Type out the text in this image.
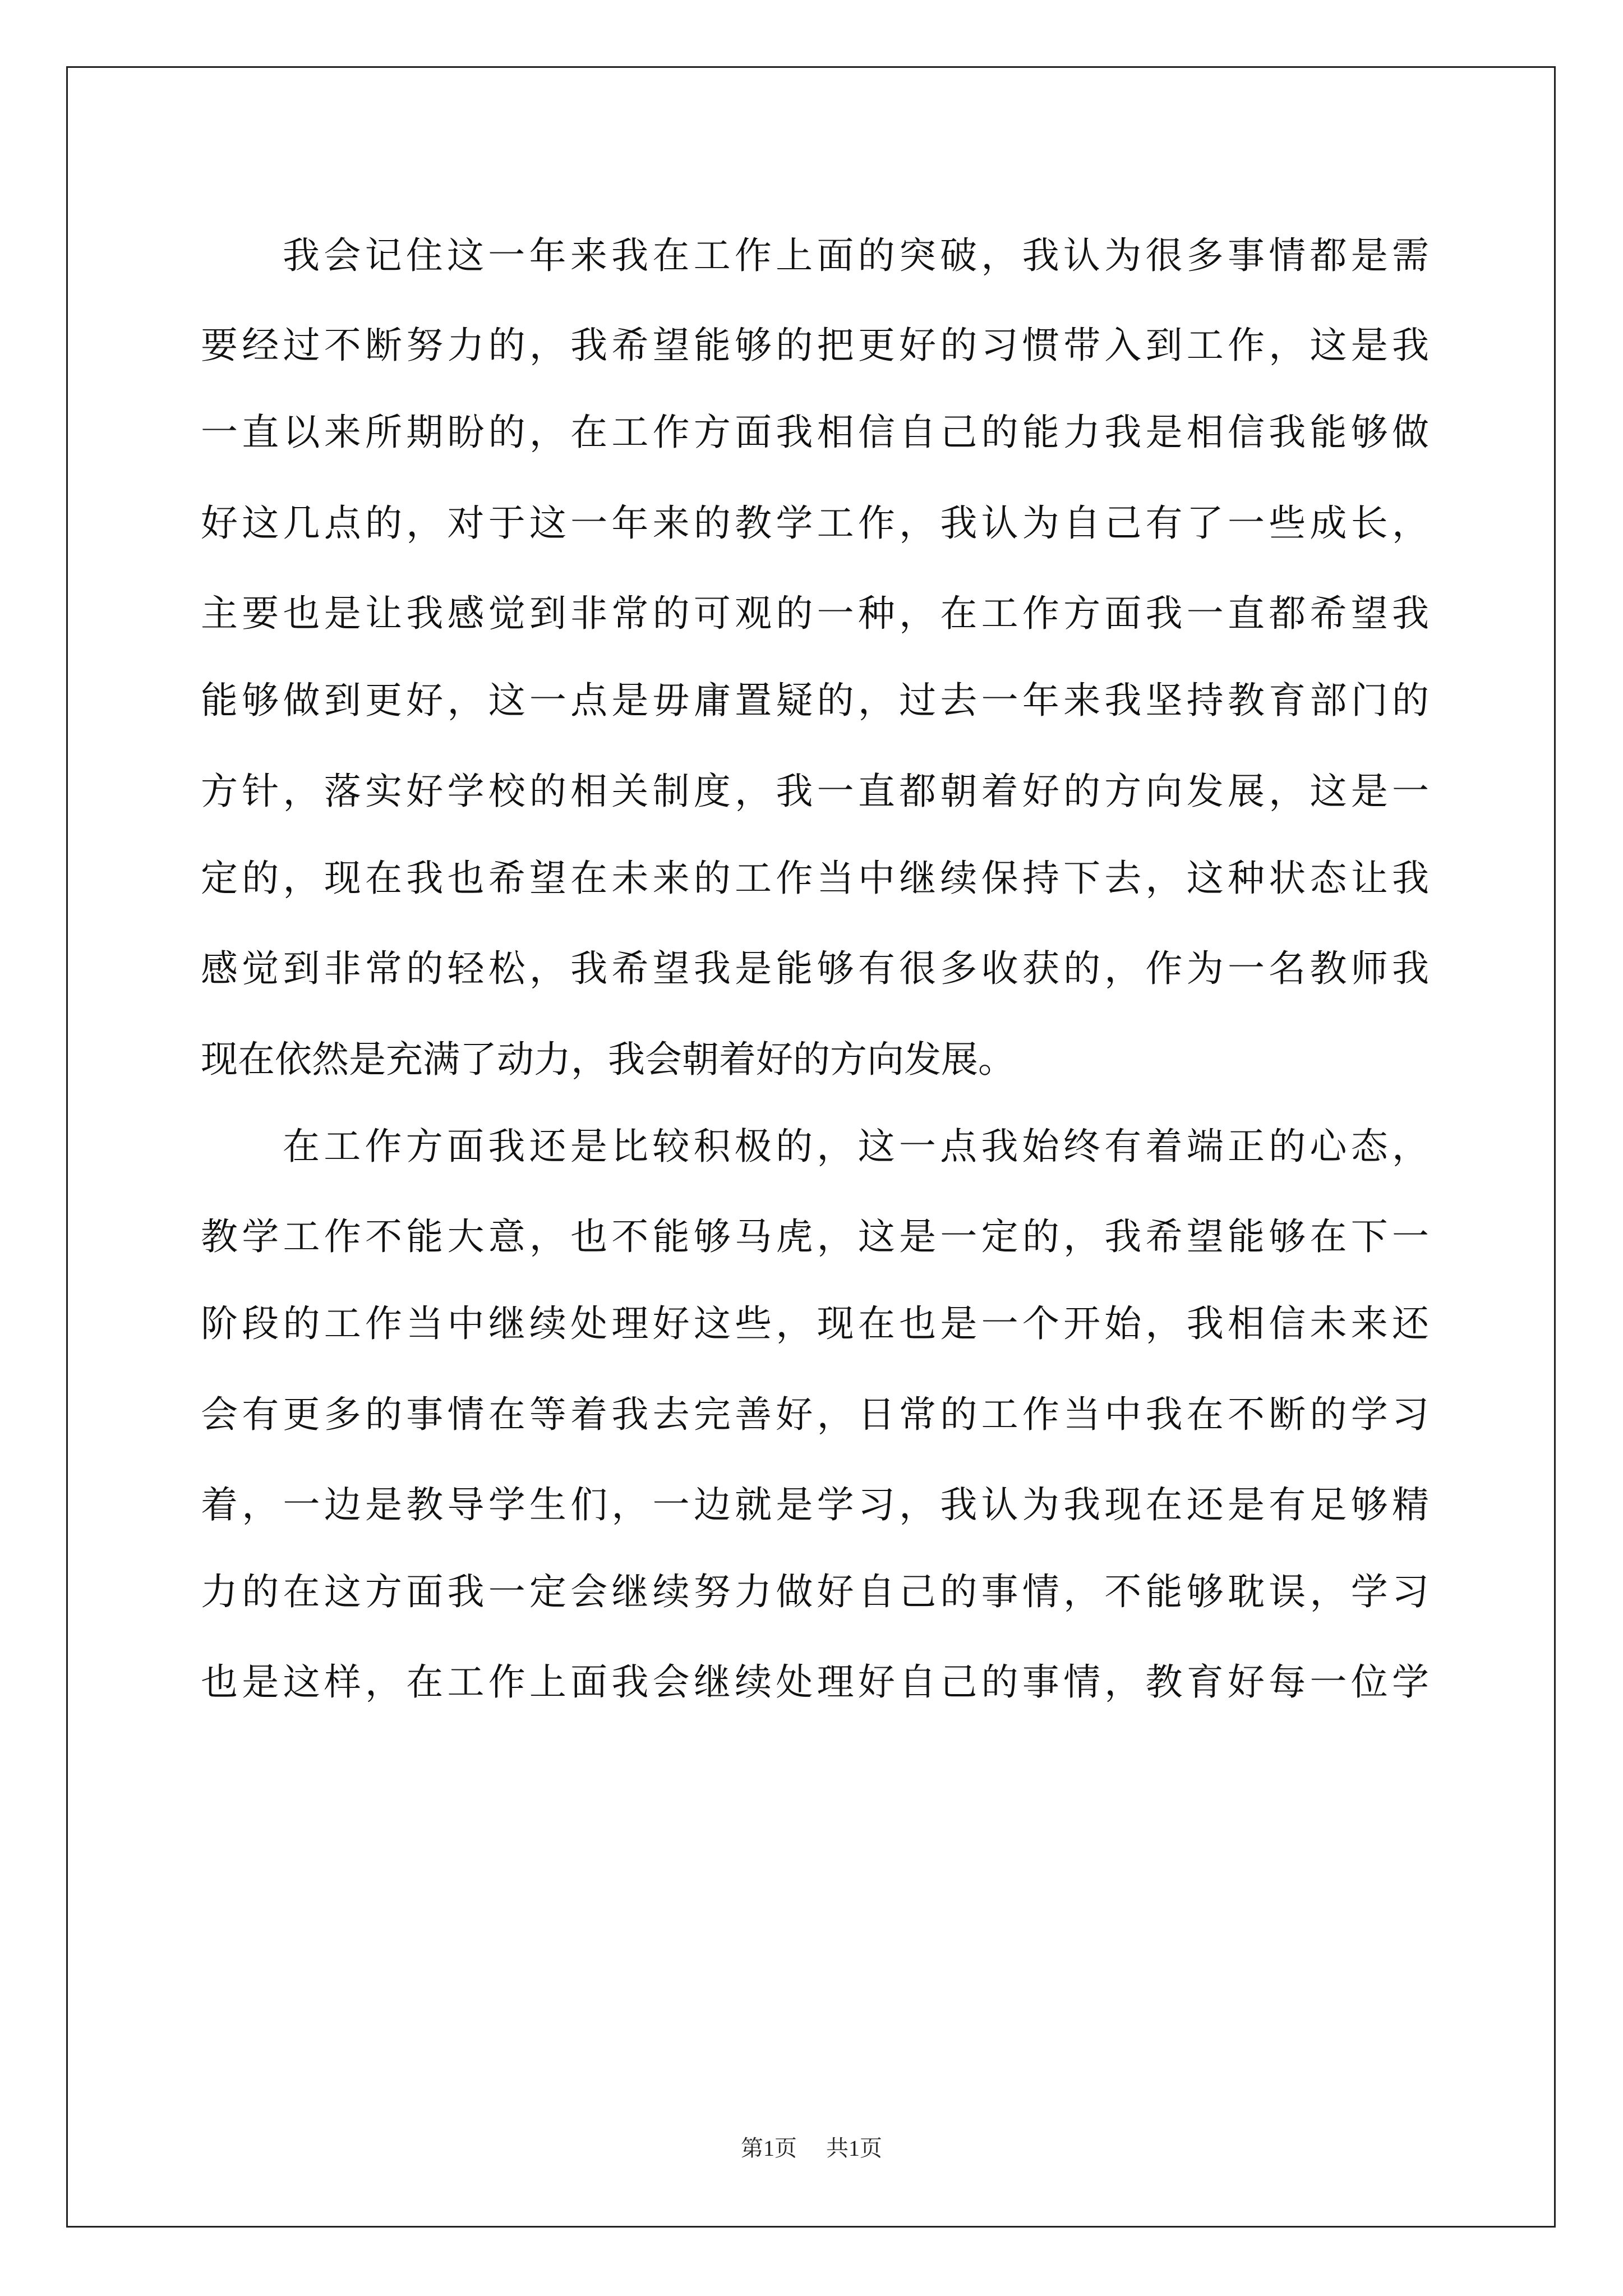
我会记住这一年来我在工作上面的突破，我认为很多事情都是需
要经过不断努力的，我希望能够的把更好的习惯带入到工作，这是我
一直以来所期盼的，在工作方面我相信自己的能力我是相信我能够做
好这几点的，对于这一年来的教学工作，我认为自己有了一些成长，
主要也是让我感觉到非常的可观的一种，在工作方面我一直都希望我
能够做到更好，这一点是毋庸置疑的，过去一年来我坚持教育部门的
方针，落实好学校的相关制度，我一直都朝着好的方向发展，这是一
定的，现在我也希望在未来的工作当中继续保持下去，这种状态让我
感觉到非常的轻松，我希望我是能够有很多收获的，作为一名教师我
现在依然是充满了动力，我会朝着好的方向发展。
在工作方面我还是比较积极的，这一点我始终有着端正的心态，
教学工作不能大意，也不能够马虎，这是一定的，我希望能够在下一
阶段的工作当中继续处理好这些，现在也是一个开始，我相信未来还
会有更多的事情在等着我去完善好，日常的工作当中我在不断的学习
着，一边是教导学生们，一边就是学习，我认为我现在还是有足够精
力的在这方面我一定会继续努力做好自己的事情，不能够耽误，学习
也是这样，在工作上面我会继续处理好自己的事情，教育好每一位学
第1页 共1页
